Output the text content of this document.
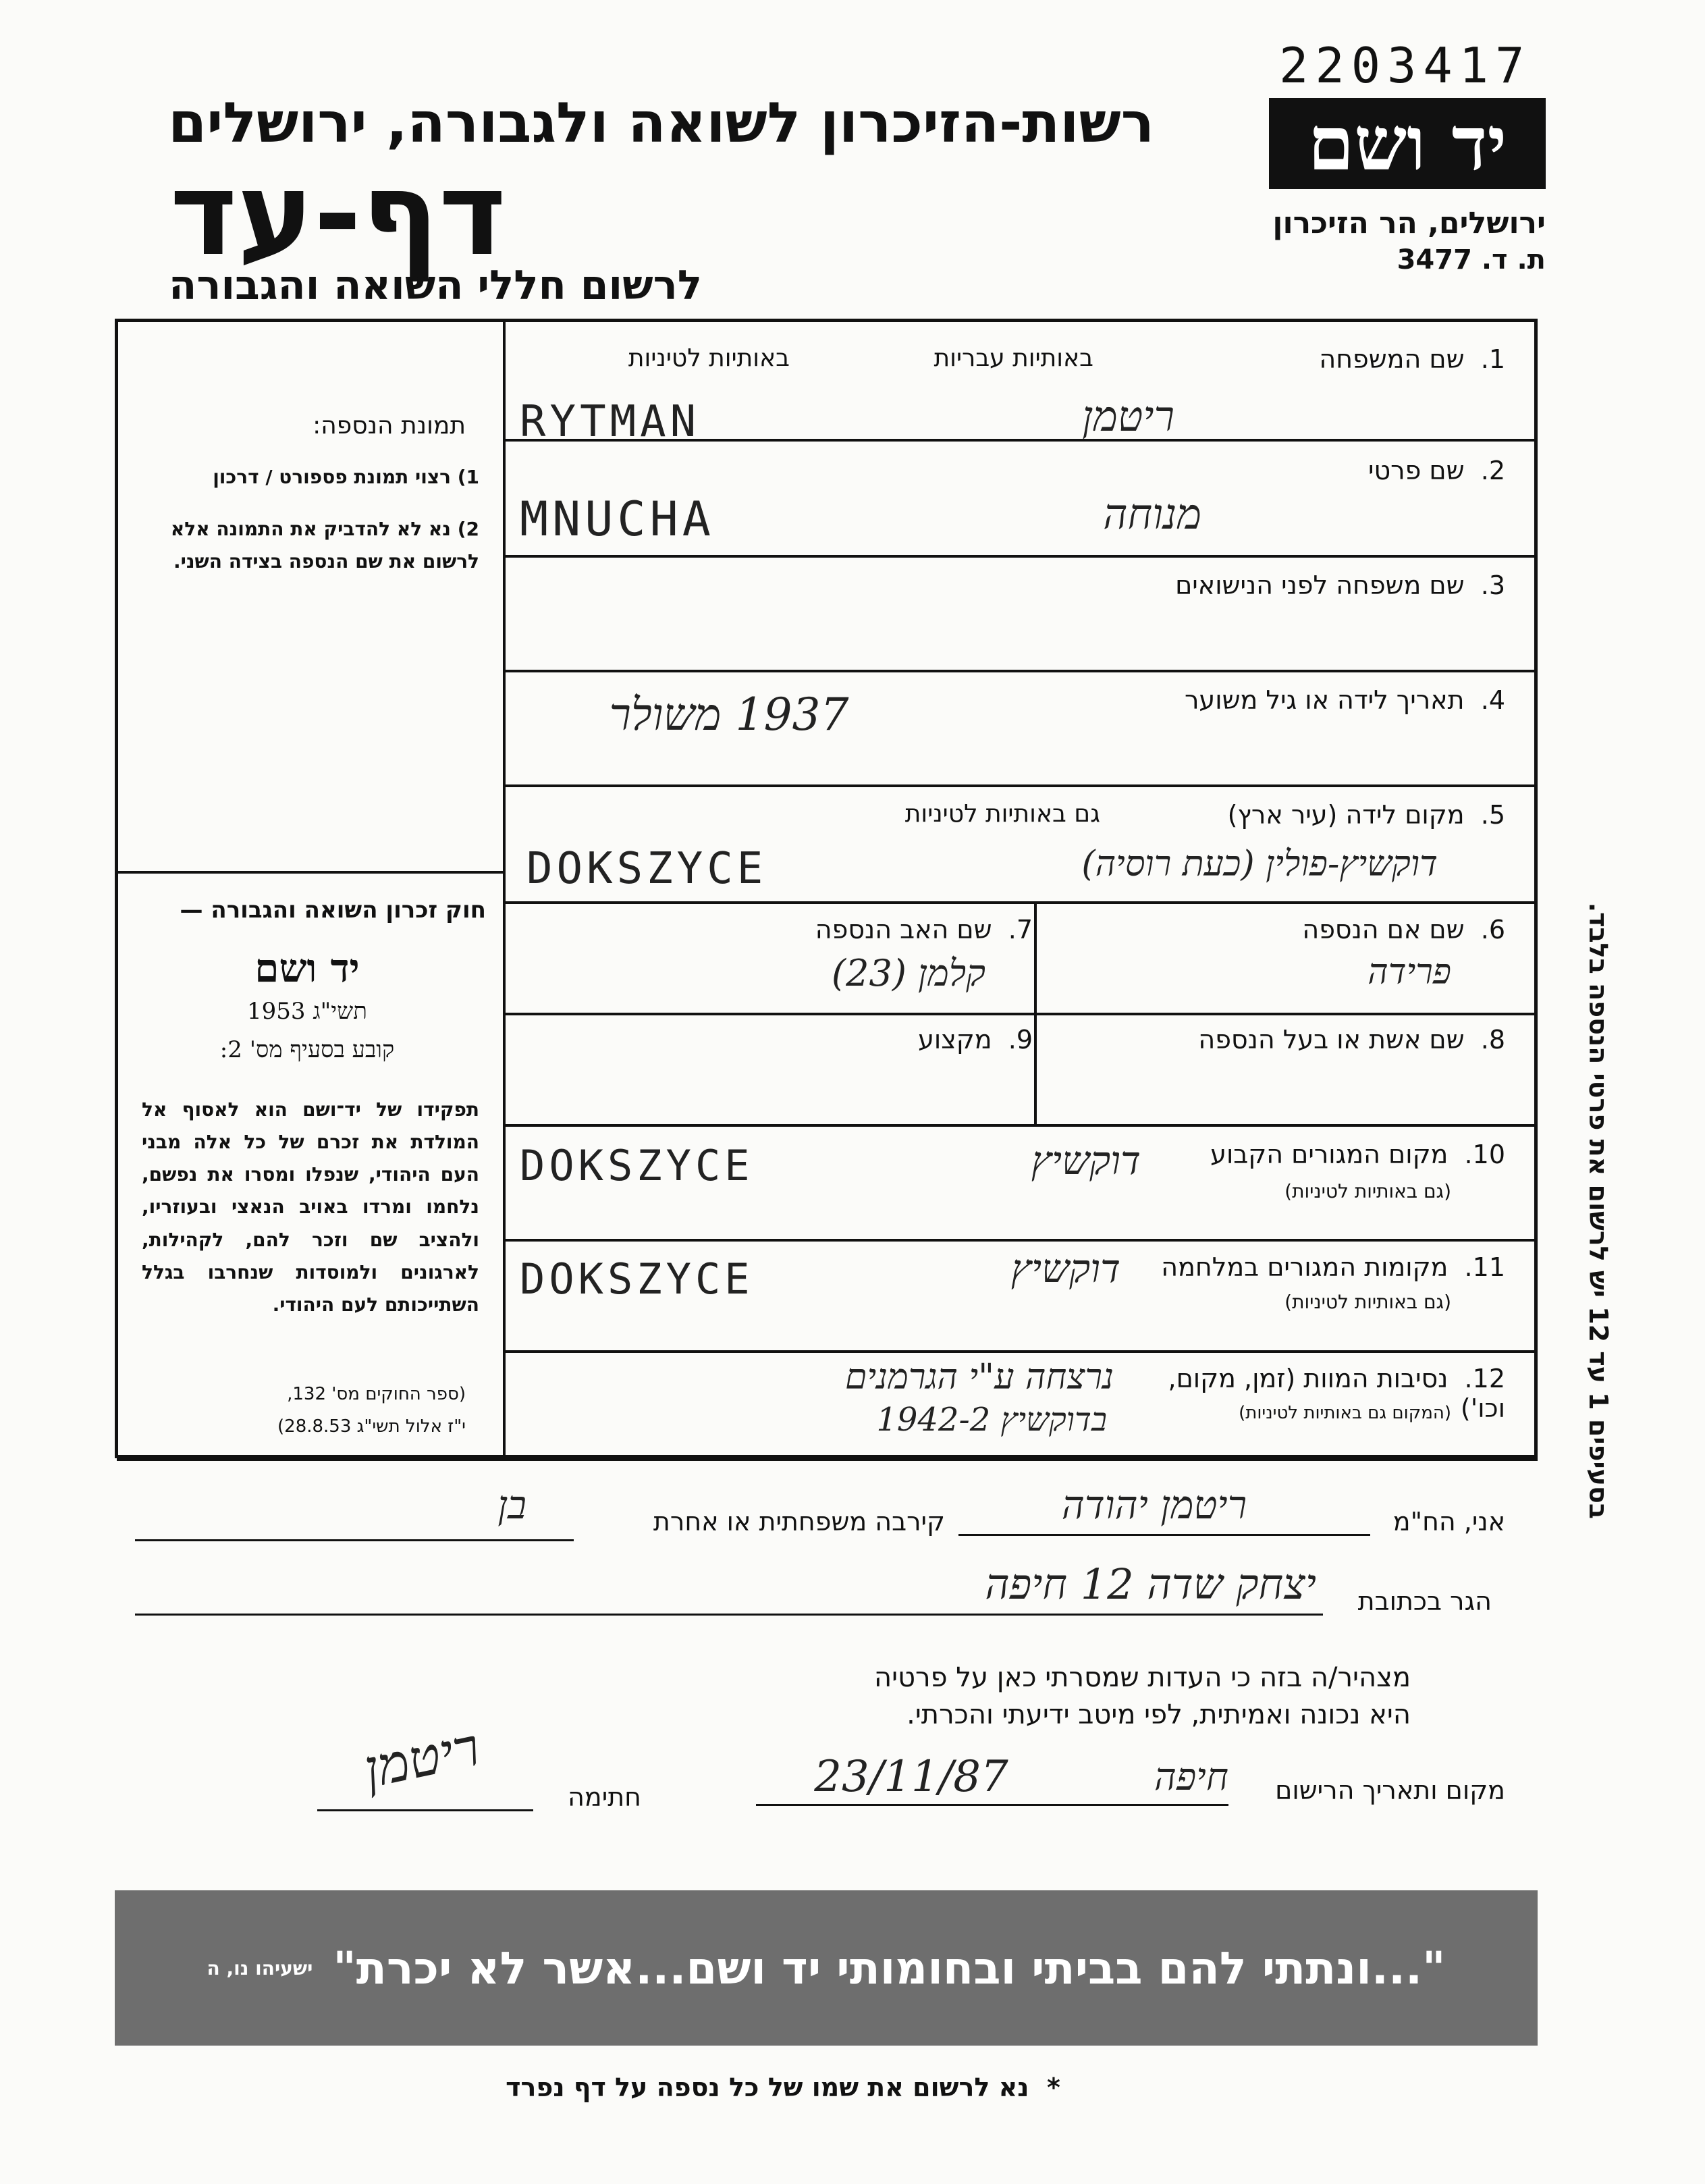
2203417
רשות-הזיכרון לשואה ולגבורה, ירושלים
דף-עד
לרשום חללי השואה והגבורה
יד ושם
ירושלים, הר הזיכרון
ת. ד. 3477
תמונת הנספה:
1) רצוי תמונת פספורט / דרכון
2) נא לא להדביק את התמונה אלא לרשום את שם הנספה בצידה השני.
חוק זכרון השואה והגבורה —
יד ושם
תשי"ג 1953
קובע בסעיף מס' 2:
תפקידו של יד־ושם הוא לאסוף אל המולדת את זכרם של כל אלה מבני העם היהודי, שנפלו ומסרו את נפשם, נלחמו ומרדו באויב הנאצי ובעוזריו, ולהציב שם וזכר להם, לקהילות, לארגונים ולמוסדות שנחרבו בגלל השתייכותם לעם היהודי.
(ספר החוקים מס' 132,
י"ז אלול תשי"ג 28.8.53)
באותיות עבריות
באותיות לטיניות	1.  שם המשפחה
RYTMAN	ריטמן
2.  שם פרטי
MNUCHA	מנוחה
3.  שם משפחה לפני הנישואים
4.  תאריך לידה או גיל משוער
1937 משולר
5.  מקום לידה (עיר ארץ)
גם באותיות לטיניות
DOKSZYCE	דוקשיץ-פולין (כעת רוסיה)
6.  שם אם הנספה
פרידה
7.  שם האב הנספה
קלמן (23)
8.  שם אשת או בעל הנספה
9.  מקצוע
10.  מקום המגורים הקבוע
(גם באותיות לטיניות)
DOKSZYCE	דוקשיץ
11.  מקומות המגורים במלחמה
(גם באותיות לטיניות)
DOKSZYCE	דוקשיץ
12.  נסיבות המוות (זמן, מקום, וכו')
(המקום גם באותיות לטיניות)
נרצחה ע"י הגרמנים
בדוקשיץ 1942-2
בסעיפים 1 עד 12 יש לרשום את פרטי הנספה בלבד.
אני, הח"מ
ריטמן יהודה
קירבה משפחתית או אחרת
בן
הגר בכתובת
יצחק שדה 12 חיפה
מצהיר/ה בזה כי העדות שמסרתי כאן על פרטיה
היא נכונה ואמיתית, לפי מיטב ידיעתי והכרתי.
מקום ותאריך הרישום
חיפה
23/11/87
חתימה
ריטמן
"...ונתתי להם בביתי ובחומותי יד ושם...אשר לא יכרת"
ישעיהו נו, ה
*  נא לרשום את שמו של כל נספה על דף נפרד
